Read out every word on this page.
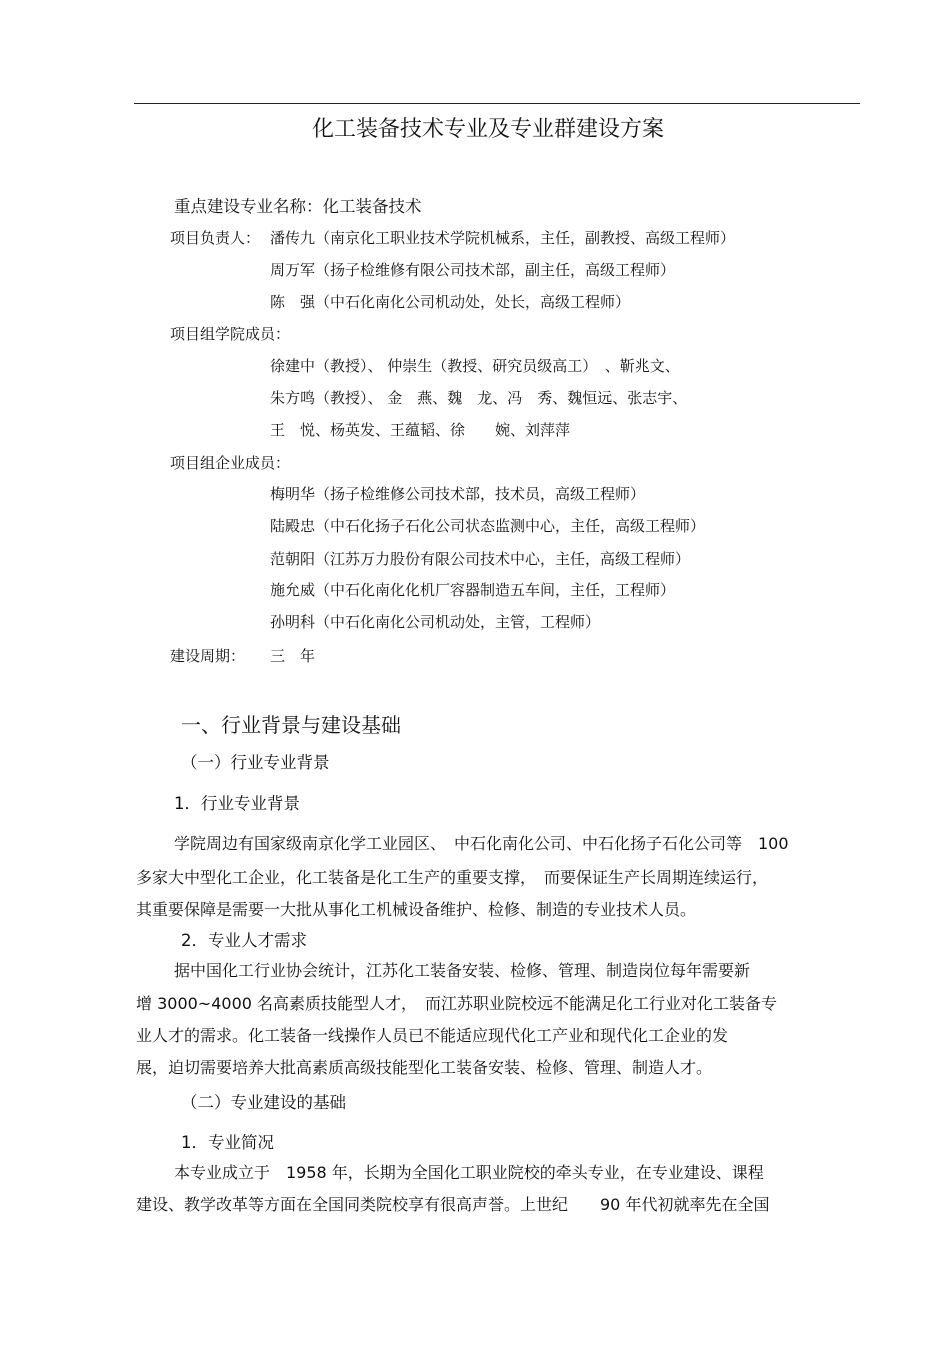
化工装备技术专业及专业群建设方案
重点建设专业名称：化工装备技术
项目负责人： 潘传九（南京化工职业技术学院机械系，主任，副教授、高级工程师）
周万军（扬子检维修有限公司技术部，副主任，高级工程师）
陈　强（中石化南化公司机动处，处长，高级工程师）
项目组学院成员：
徐建中（教授）、 仲崇生（教授、研究员级高工）　、靳兆文、
朱方鸣（教授）、 金　燕、魏　龙、冯　秀、魏恒远、张志宇、
王　悦、杨英发、王蕴韬、徐　　婉、刘萍萍
项目组企业成员：
梅明华（扬子检维修公司技术部，技术员，高级工程师）
陆殿忠（中石化扬子石化公司状态监测中心，主任，高级工程师）
范朝阳（江苏万力股份有限公司技术中心，主任，高级工程师）
施允威（中石化南化化机厂容器制造五车间，主任，工程师）
孙明科（中石化南化公司机动处，主管，工程师）
建设周期： 三　年
一、行业背景与建设基础
（一）行业专业背景
1．行业专业背景
学院周边有国家级南京化学工业园区、　中石化南化公司、中石化扬子石化公司等　100
多家大中型化工企业，化工装备是化工生产的重要支撑，　而要保证生产长周期连续运行，
其重要保障是需要一大批从事化工机械设备维护、检修、制造的专业技术人员。
2．专业人才需求
据中国化工行业协会统计，江苏化工装备安装、检修、管理、制造岗位每年需要新
增 3000~4000 名高素质技能型人才，　而江苏职业院校远不能满足化工行业对化工装备专
业人才的需求。化工装备一线操作人员已不能适应现代化工产业和现代化工企业的发
展，迫切需要培养大批高素质高级技能型化工装备安装、检修、管理、制造人才。
（二）专业建设的基础
1．专业简况
本专业成立于　1958 年，长期为全国化工职业院校的牵头专业，在专业建设、课程
建设、教学改革等方面在全国同类院校享有很高声誉。上世纪　　90 年代初就率先在全国
